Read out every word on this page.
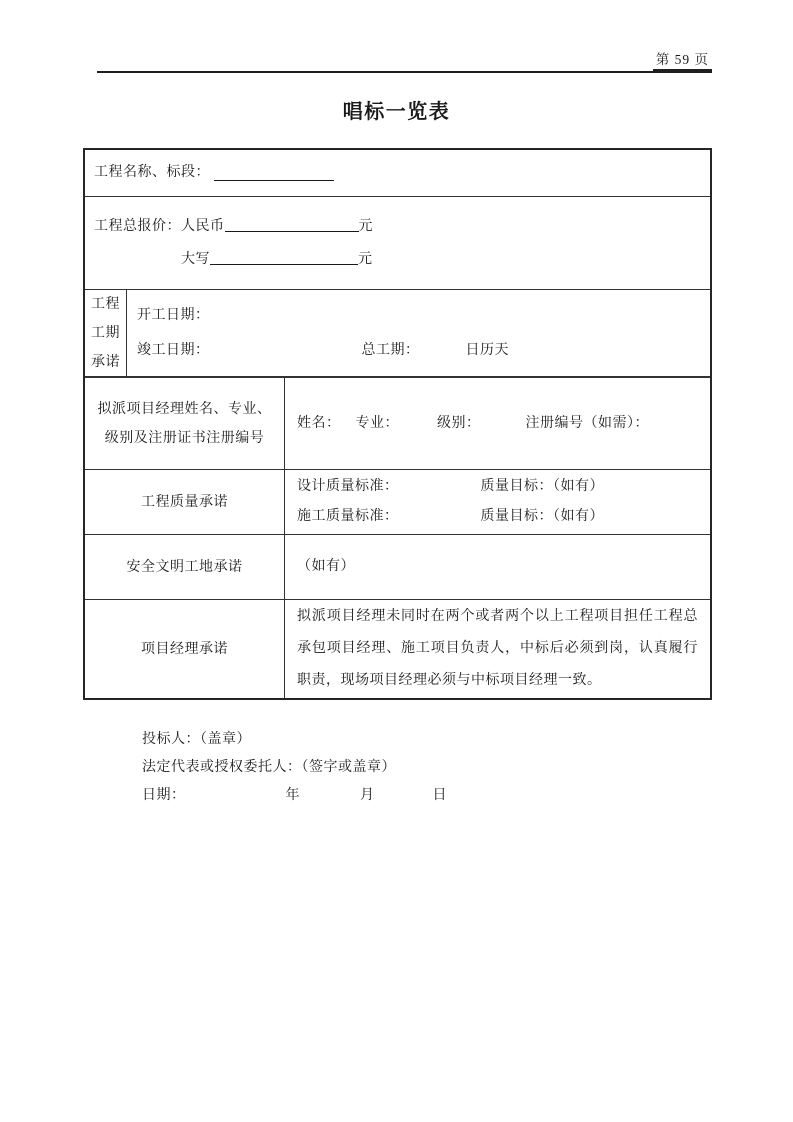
第 59 页
唱标一览表
工程名称、标段：
工程总报价：人民币	元
大写	元
工程
工期
承诺
开工日期：
竣工日期：	总工期：	日历天
拟派项目经理姓名、专业、级别及注册证书注册编号
姓名： 专业：	级别：	注册编号（如需）：
工程质量承诺
设计质量标准：	质量目标：（如有）
施工质量标准：	质量目标：（如有）
安全文明工地承诺	（如有）
项目经理承诺
拟派项目经理未同时在两个或者两个以上工程项目担任工程总承包项目经理、施工项目负责人，中标后必须到岗，认真履行职责，现场项目经理必须与中标项目经理一致。
投标人：（盖章）
法定代表或授权委托人：（签字或盖章）
日期：	年	月	日
